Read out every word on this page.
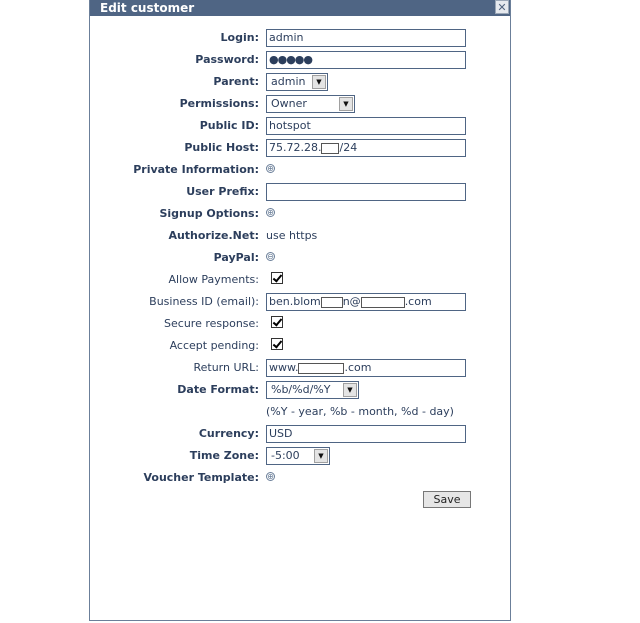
Edit customer	✕
Login: admin
Password: ●●●●●
Parent:	admin	▼
Permissions:	Owner	▼
Public ID: hotspot
Public Host: 75.72.28. /24
Private Information: ⊕
User Prefix:
Signup Options: ⊕
Authorize.Net: use https
PayPal: ⊖
Allow Payments:
Business ID (email): ben.blom n@	.com
Secure response:
Accept pending:
Return URL: www.	.com
Date Format:	%b/%d/%Y	▼
(%Y - year, %b - month, %d - day)
Currency: USD
Time Zone:	-5:00	▼
Voucher Template: ⊕
Save
